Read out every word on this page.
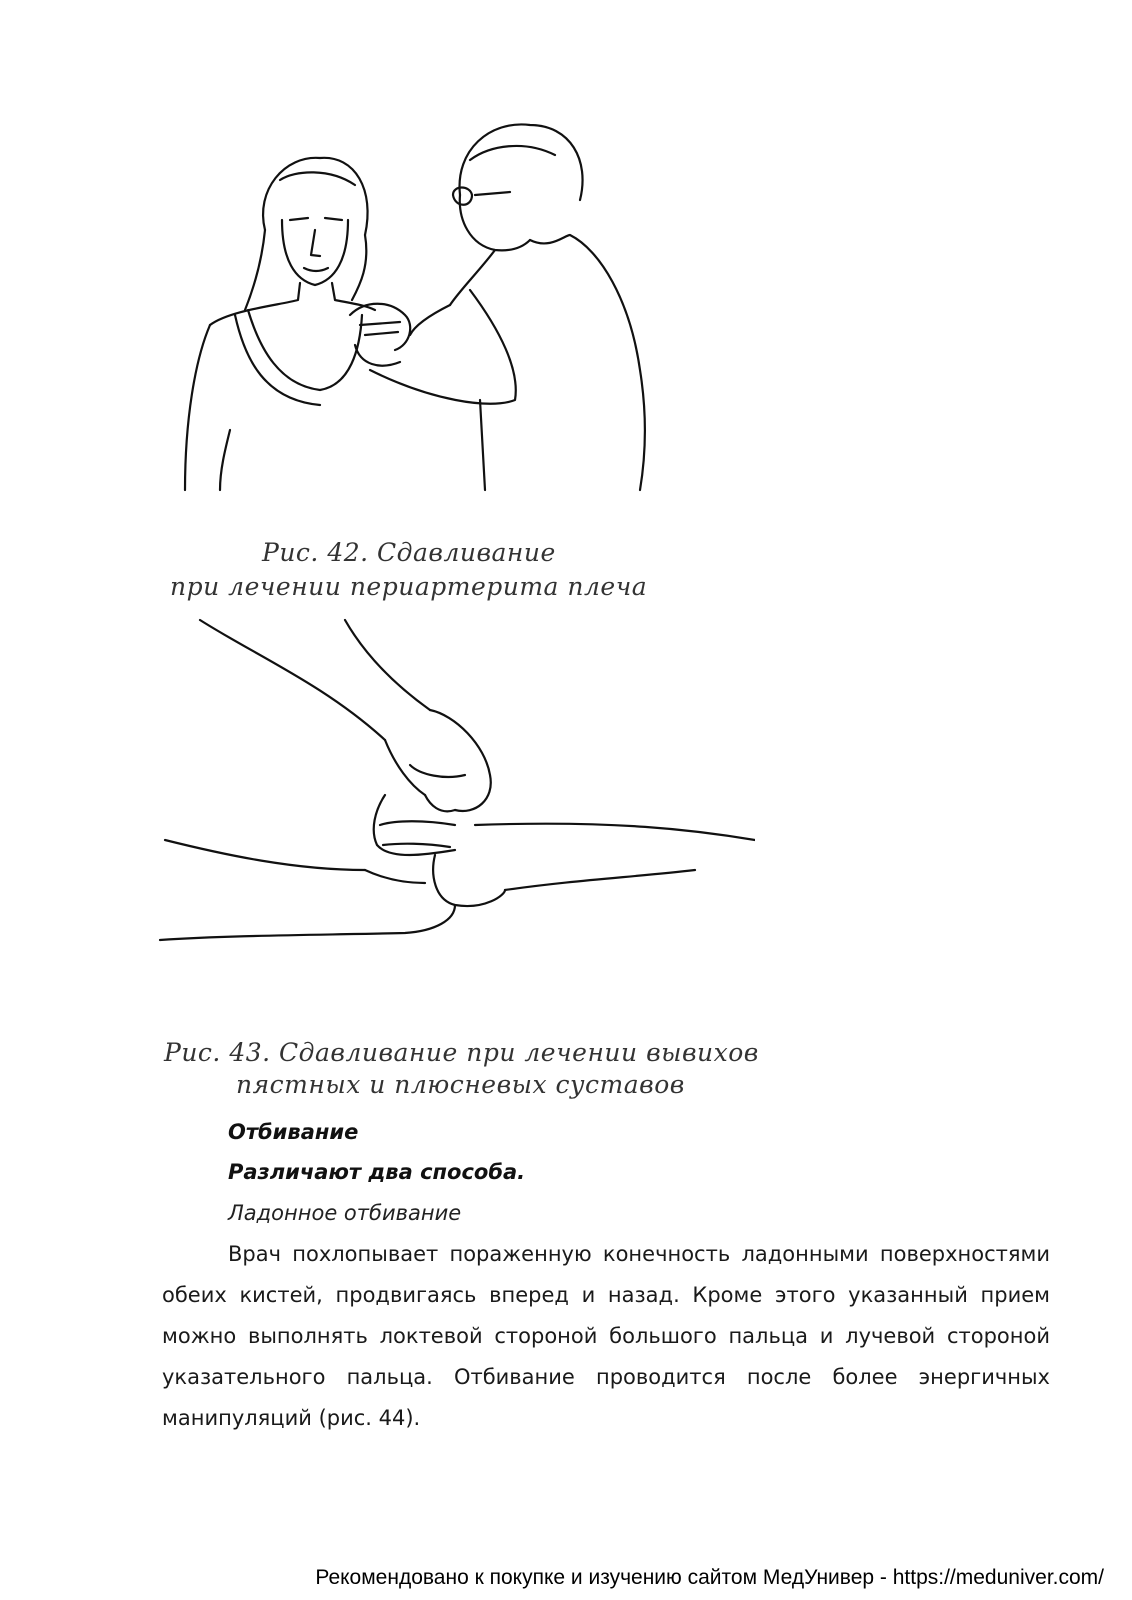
Рис. 42. Сдавливание
при лечении периартерита плеча
Рис. 43. Сдавливание при лечении вывихов
пястных и плюсневых суставов
Отбивание
Различают два способа.
Ладонное отбивание
Врач похлопывает пораженную конечность ладонными поверхностями обеих кистей, продвигаясь вперед и назад. Кроме этого указанный прием можно выполнять локтевой стороной большого пальца и лучевой стороной указательного пальца. Отбивание проводится после более энергичных манипуляций (рис. 44).
Рекомендовано к покупке и изучению сайтом МедУнивер - https://meduniver.com/
